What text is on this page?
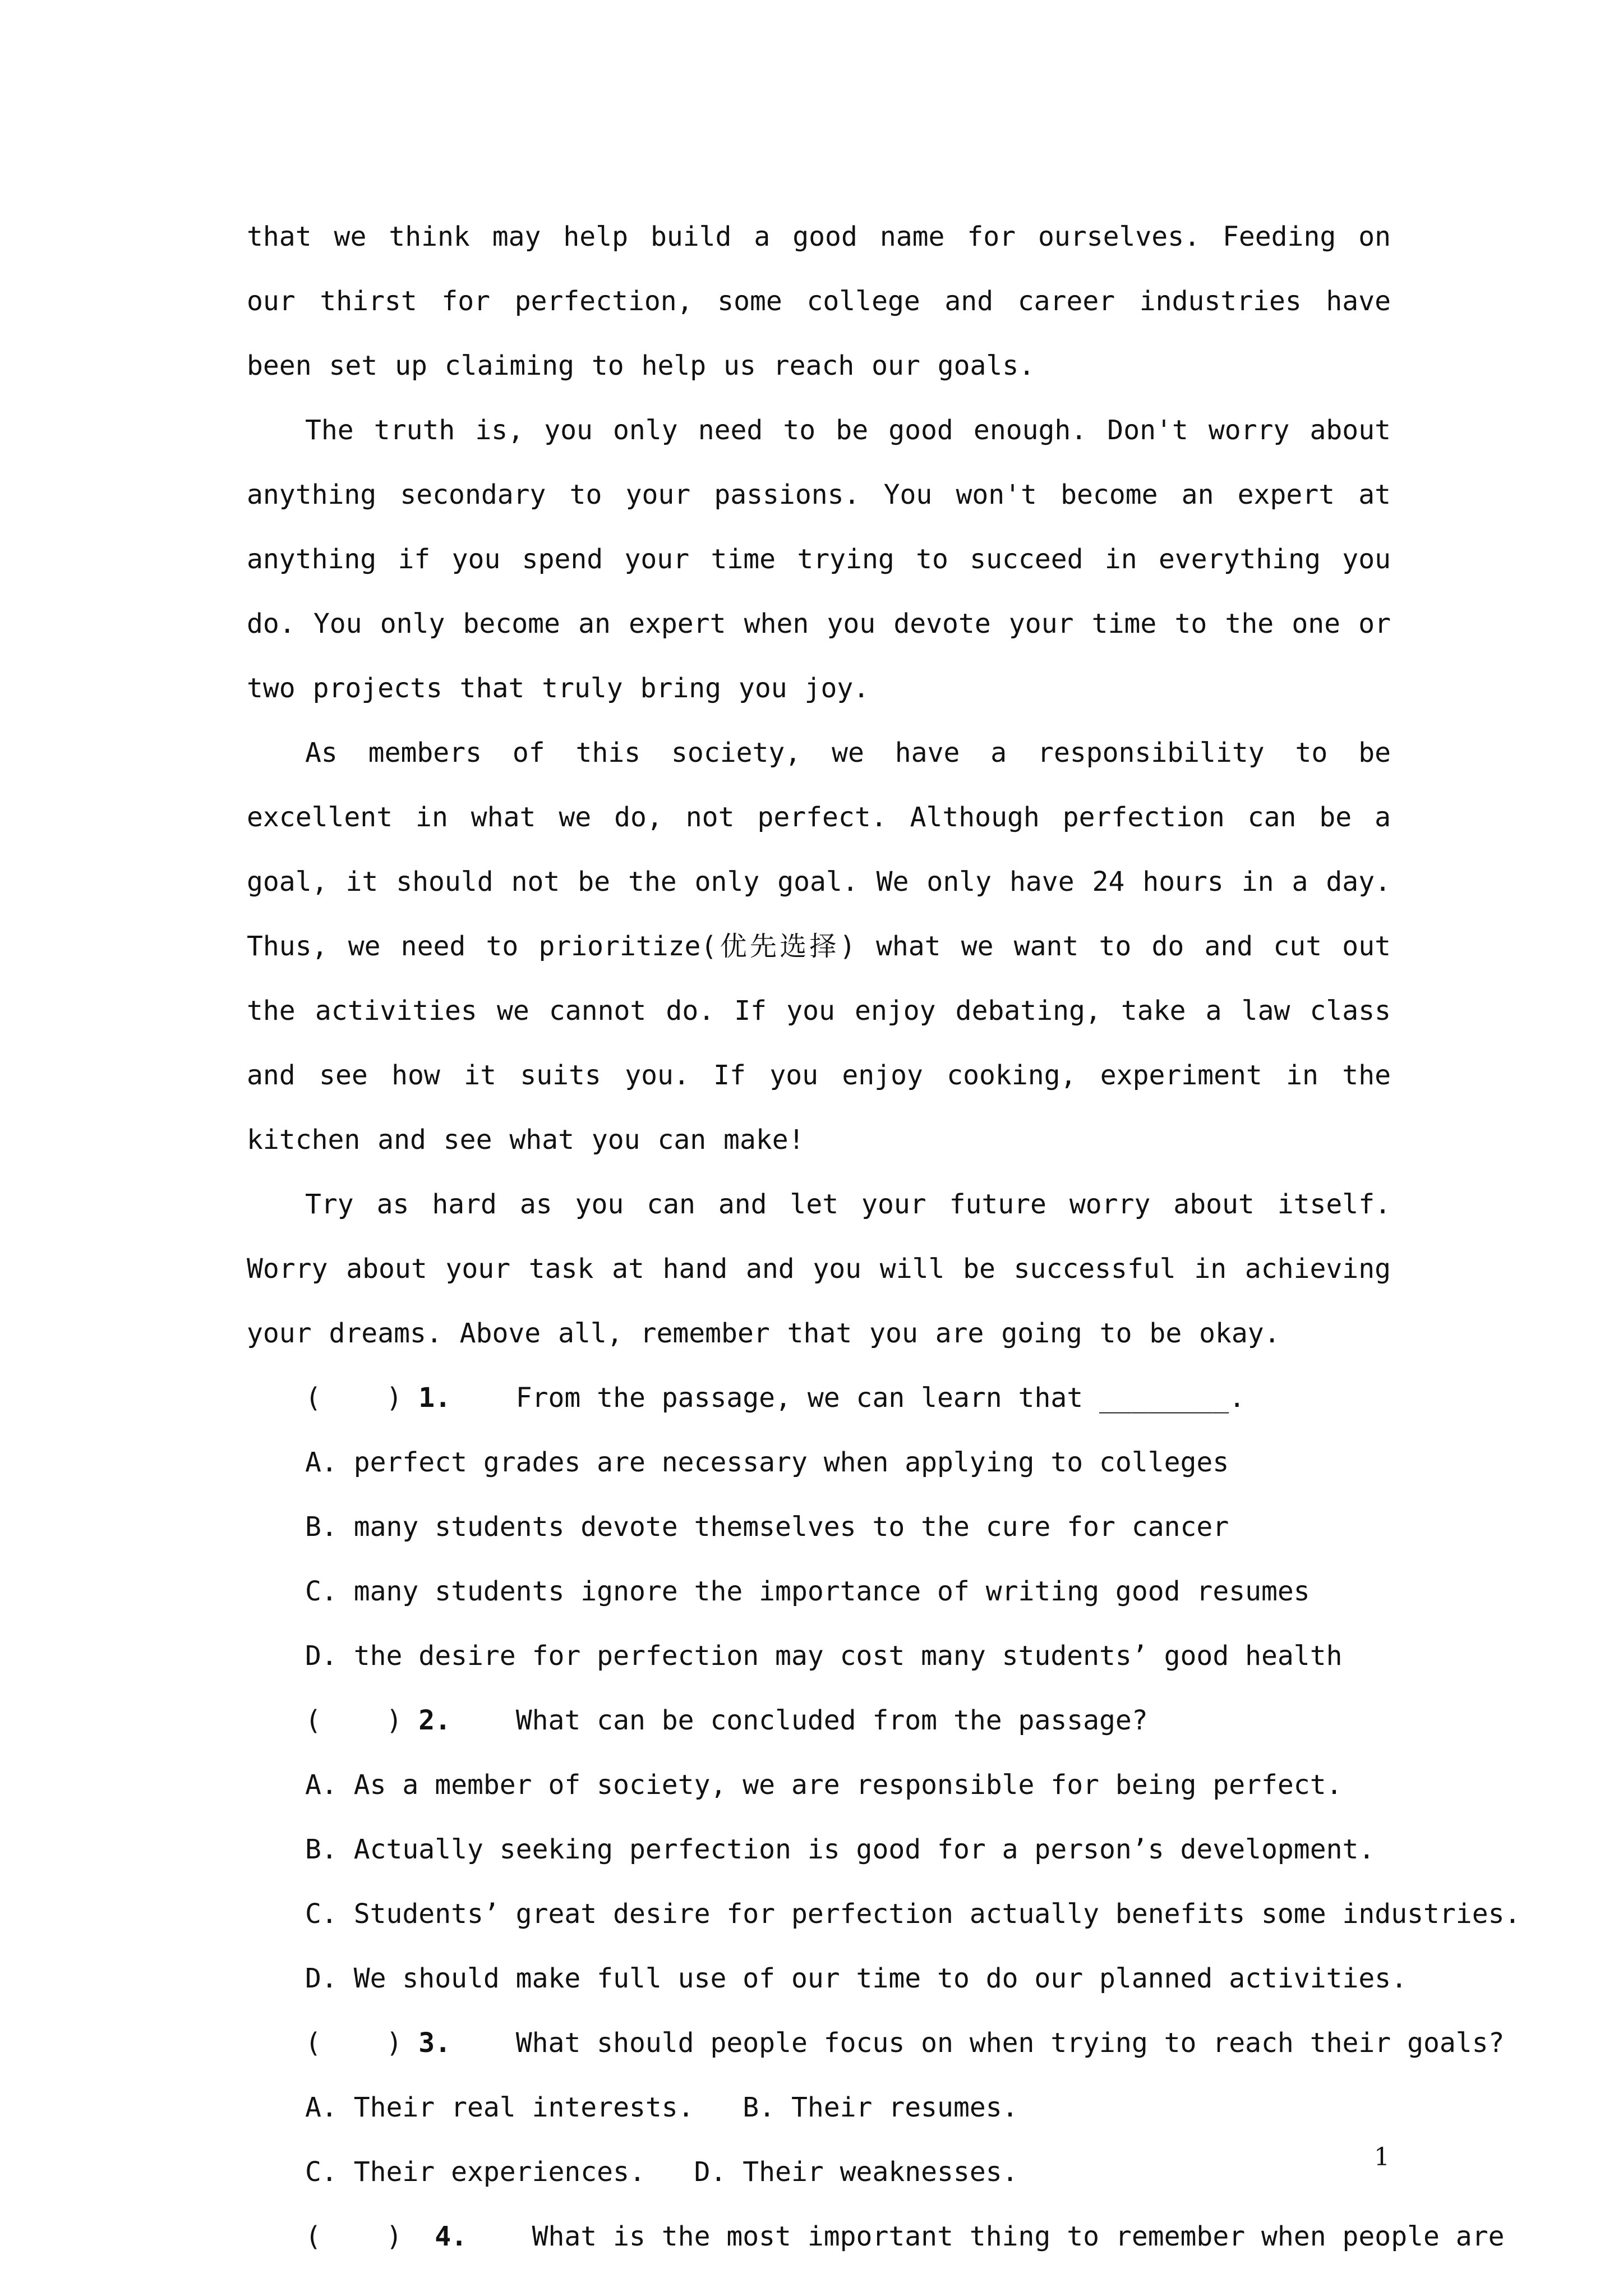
that we think may help build a good name for ourselves. Feeding on our thirst for perfection, some college and career industries have been set up claiming to help us reach our goals.

The truth is, you only need to be good enough. Don't worry about anything secondary to your passions. You won't become an expert at anything if you spend your time trying to succeed in everything you do. You only become an expert when you devote your time to the one or two projects that truly bring you joy.

As members of this society, we have a responsibility to be excellent in what we do, not perfect. Although perfection can be a goal, it should not be the only goal. We only have 24 hours in a day. Thus, we need to prioritize(优先选择) what we want to do and cut out the activities we cannot do. If you enjoy debating, take a law class and see how it suits you. If you enjoy cooking, experiment in the kitchen and see what you can make!

Try as hard as you can and let your future worry about itself. Worry about your task at hand and you will be successful in achieving your dreams. Above all, remember that you are going to be okay.

(    ) 1. From the passage, we can learn that ________.

A. perfect grades are necessary when applying to colleges

B. many students devote themselves to the cure for cancer

C. many students ignore the importance of writing good resumes

D. the desire for perfection may cost many students’ good health

(    ) 2. What can be concluded from the passage?

A. As a member of society, we are responsible for being perfect.

B. Actually seeking perfection is good for a person’s development.

C. Students’ great desire for perfection actually benefits some industries.

D. We should make full use of our time to do our planned activities.

(    ) 3. What should people focus on when trying to reach their goals?

A. Their real interests.   B. Their resumes.

C. Their experiences.   D. Their weaknesses.

(    ) 4. What is the most important thing to remember when people are

1
